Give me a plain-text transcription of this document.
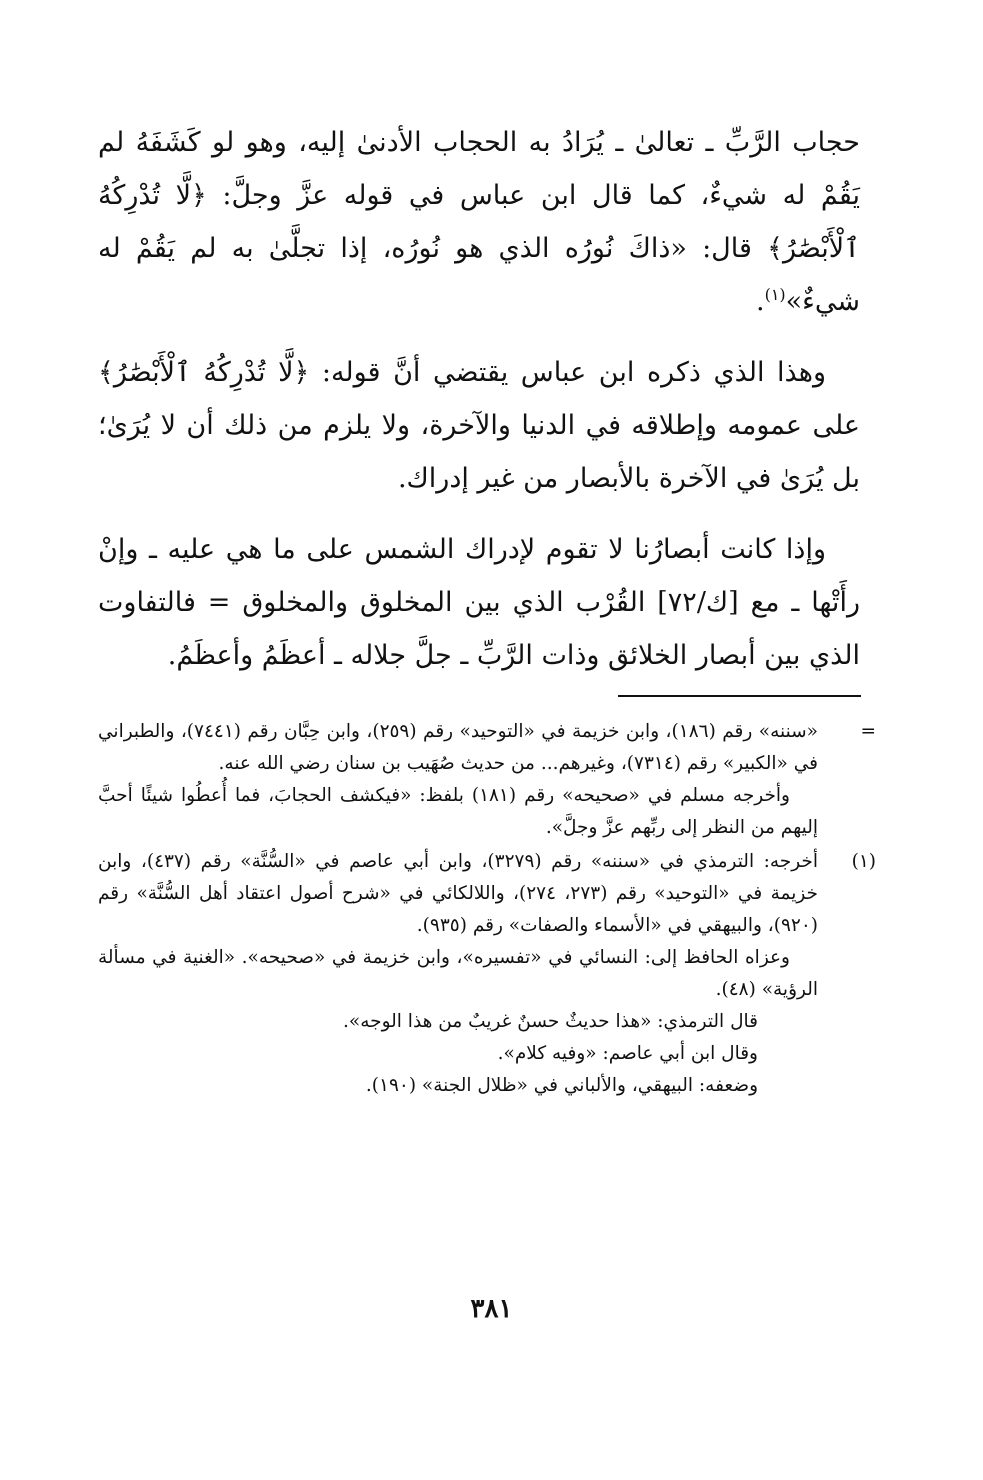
حجاب الرَّبِّ ـ تعالىٰ ـ يُرَادُ به الحجاب الأدنىٰ إليه، وهو لو كَشَفَهُ لم يَقُمْ له شيءٌ، كما قال ابن عباس في قوله عزَّ وجلَّ: ﴿لَّا تُدْرِكُهُ ٱلْأَبْصَٰرُ﴾ قال: «ذاكَ نُورُه الذي هو نُورُه، إذا تجلَّىٰ به لم يَقُمْ له شيءٌ»$^{(١)}$.

وهذا الذي ذكره ابن عباس يقتضي أنَّ قوله: ﴿لَّا تُدْرِكُهُ ٱلْأَبْصَٰرُ﴾ على عمومه وإطلاقه في الدنيا والآخرة، ولا يلزم من ذلك أن لا يُرَىٰ؛ بل يُرَىٰ في الآخرة بالأبصار من غير إدراك.

وإذا كانت أبصارُنا لا تقوم لإدراك الشمس على ما هي عليه ـ وإنْ رأَتْها ـ مع [ك/٧٢] القُرْب الذي بين المخلوق والمخلوق = فالتفاوت الذي بين أبصار الخلائق وذات الرَّبِّ ـ جلَّ جلاله ـ أعظَمُ وأعظَمُ.

=

«سننه» رقم (١٨٦)، وابن خزيمة في «التوحيد» رقم (٢٥٩)، وابن حِبَّان رقم (٧٤٤١)، والطبراني في «الكبير» رقم (٧٣١٤)، وغيرهم... من حديث صُهَيب بن سنان رضي الله عنه.

وأخرجه مسلم في «صحيحه» رقم (١٨١) بلفظ: «فيكشف الحجابَ، فما أُعطُوا شيئًا أحبَّ إليهم من النظر إلى ربِّهم عزَّ وجلَّ».

(١)

أخرجه: الترمذي في «سننه» رقم (٣٢٧٩)، وابن أبي عاصم في «السُّنَّة» رقم (٤٣٧)، وابن خزيمة في «التوحيد» رقم (٢٧٣، ٢٧٤)، واللالكائي في «شرح أصول اعتقاد أهل السُّنَّة» رقم (٩٢٠)، والبيهقي في «الأسماء والصفات» رقم (٩٣٥).

وعزاه الحافظ إلى: النسائي في «تفسيره»، وابن خزيمة في «صحيحه». «الغنية في مسألة الرؤية» (٤٨).

قال الترمذي: «هذا حديثٌ حسنٌ غريبٌ من هذا الوجه».

وقال ابن أبي عاصم: «وفيه كلام».

وضعفه: البيهقي، والألباني في «ظلال الجنة» (١٩٠).

٣٨١
